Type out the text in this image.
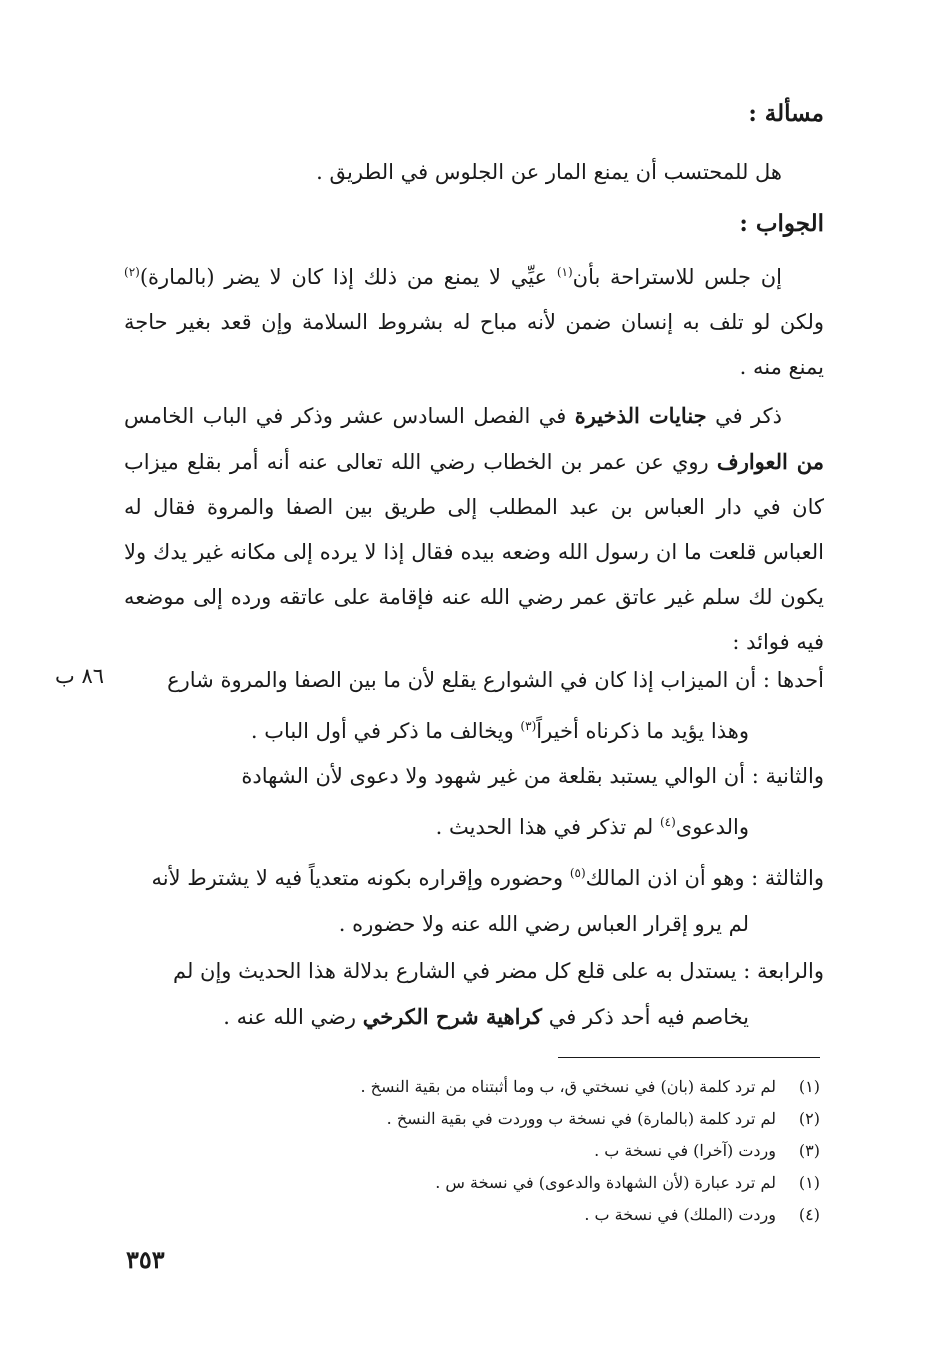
مسألة :
هل للمحتسب أن يمنع المار عن الجلوس في الطريق .
الجواب :
إن جلس للاستراحة بأن$^{(١)}$ عيِّي لا يمنع من ذلك إذا كان لا يضر (بالمارة)$^{(٢)}$ ولكن لو تلف به إنسان ضمن لأنه مباح له بشروط السلامة وإن قعد بغير حاجة يمنع منه .
ذكر في جنايات الذخيرة في الفصل السادس عشر وذكر في الباب الخامس من العوارف روي عن عمر بن الخطاب رضي الله تعالى عنه أنه أمر بقلع ميزاب كان في دار العباس بن عبد المطلب إلى طريق بين الصفا والمروة فقال له العباس قلعت ما ان رسول الله وضعه بيده فقال إذا لا يرده إلى مكانه غير يدك ولا يكون لك سلم غير عاتق عمر رضي الله عنه فإقامة على عاتقه ورده إلى موضعه فيه فوائد :
٨٦ ب	أحدها : أن الميزاب إذا كان في الشوارع يقلع لأن ما بين الصفا والمروة شارع
وهذا يؤيد ما ذكرناه أخيراً$^{(٣)}$ ويخالف ما ذكر في أول الباب .
والثانية : أن الوالي يستبد بقلعة من غير شهود ولا دعوى لأن الشهادة
والدعوى$^{(٤)}$ لم تذكر في هذا الحديث .
والثالثة : وهو أن اذن المالك$^{(٥)}$ وحضوره وإقراره بكونه متعدياً فيه لا يشترط لأنه
لم يرو إقرار العباس رضي الله عنه ولا حضوره .
والرابعة : يستدل به على قلع كل مضر في الشارع بدلالة هذا الحديث وإن لم
يخاصم فيه أحد ذكر في كراهية شرح الكرخي رضي الله عنه .
(١)لم ترد كلمة (بان) في نسختي ق، ب وما أثبتناه من بقية النسخ .
(٢)لم ترد كلمة (بالمارة) في نسخة ب ووردت في بقية النسخ .
(٣)وردت (آخرا) في نسخة ب .
(١)لم ترد عبارة (لأن الشهادة والدعوى) في نسخة س .
(٤)وردت (الملك) في نسخة ب .
٣٥٣
